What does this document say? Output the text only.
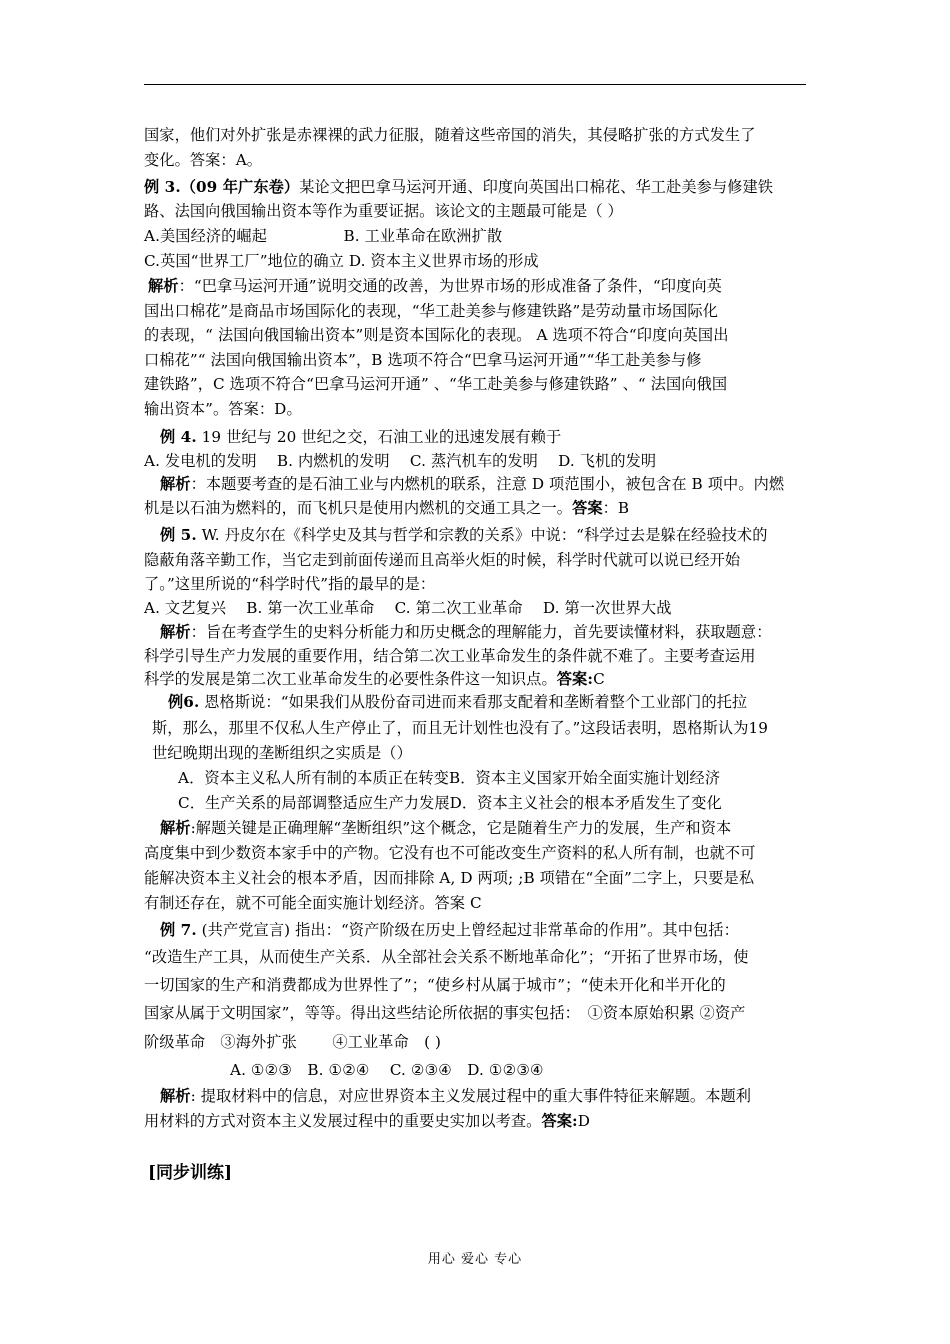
国家，他们对外扩张是赤裸裸的武力征服，随着这些帝国的消失，其侵略扩张的方式发生了
变化。答案：A。
例 3.（09 年广东卷）某论文把巴拿马运河开通、印度向英国出口棉花、华工赴美参与修建铁
路、法国向俄国输出资本等作为重要证据。该论文的主题最可能是（ ）
A.美国经济的崛起　　　　　B. 工业革命在欧洲扩散
C.英国“世界工厂”地位的确立 D. 资本主义世界市场的形成
解析：“巴拿马运河开通”说明交通的改善，为世界市场的形成准备了条件，“印度向英
国出口棉花”是商品市场国际化的表现，“华工赴美参与修建铁路”是劳动量市场国际化
的表现，“ 法国向俄国输出资本”则是资本国际化的表现。 A 选项不符合“印度向英国出
口棉花”“ 法国向俄国输出资本”，B 选项不符合“巴拿马运河开通”“华工赴美参与修
建铁路”，C 选项不符合“巴拿马运河开通” 、“华工赴美参与修建铁路” 、“ 法国向俄国
输出资本”。答案：D。
例 4. 19 世纪与 20 世纪之交，石油工业的迅速发展有赖于
A. 发电机的发明　 B. 内燃机的发明　 C. 蒸汽机车的发明　 D. 飞机的发明
解析：本题要考查的是石油工业与内燃机的联系，注意 D 项范围小，被包含在 B 项中。内燃
机是以石油为燃料的，而飞机只是使用内燃机的交通工具之一。答案：B
例 5. W. 丹皮尔在《科学史及其与哲学和宗教的关系》中说：“科学过去是躲在经验技术的
隐蔽角落辛勤工作，当它走到前面传递而且高举火炬的时候，科学时代就可以说已经开始
了。”这里所说的“科学时代”指的最早的是：
A. 文艺复兴　 B. 第一次工业革命　 C. 第二次工业革命　 D. 第一次世界大战
解析：旨在考查学生的史料分析能力和历史概念的理解能力，首先要读懂材料，获取题意：
科学引导生产力发展的重要作用，结合第二次工业革命发生的条件就不难了。主要考查运用
科学的发展是第二次工业革命发生的必要性条件这一知识点。答案:C
例6. 恩格斯说：“如果我们从股份奋司进而来看那支配着和垄断着整个工业部门的托拉
斯，那么，那里不仅私人生产停止了，而且无计划性也没有了。”这段话表明，恩格斯认为19
世纪晚期出现的垄断组织之实质是（）
A．资本主义私人所有制的本质正在转变B．资本主义国家开始全面实施计划经济
C．生产关系的局部调整适应生产力发展D．资本主义社会的根本矛盾发生了变化
解析:解题关键是正确理解“垄断组织”这个概念，它是随着生产力的发展，生产和资本
高度集中到少数资本家手中的产物。它没有也不可能改变生产资料的私人所有制，也就不可
能解决资本主义社会的根本矛盾，因而排除 A, D 两项; ;B 项错在“全面”二字上，只要是私
有制还存在，就不可能全面实施计划经济。答案 C
例 7. (共产党宣言) 指出：“资产阶级在历史上曾经起过非常革命的作用”。其中包括：
“改造生产工具，从而使生产关系．从全部社会关系不断地革命化”；“开拓了世界市场，使
一切国家的生产和消费都成为世界性了”；“使乡村从属于城市”；“使未开化和半开化的
国家从属于文明国家”，等等。得出这些结论所依据的事实包括：　①资本原始积累 ②资产
阶级革命　③海外扩张　　 ④工业革命　( )
A. ①②③　B. ①②④　 C. ②③④　D. ①②③④
解析: 提取材料中的信息，对应世界资本主义发展过程中的重大事件特征来解题。本题利
用材料的方式对资本主义发展过程中的重要史实加以考查。答案:D
[同步训练]
用心 爱心 专心
